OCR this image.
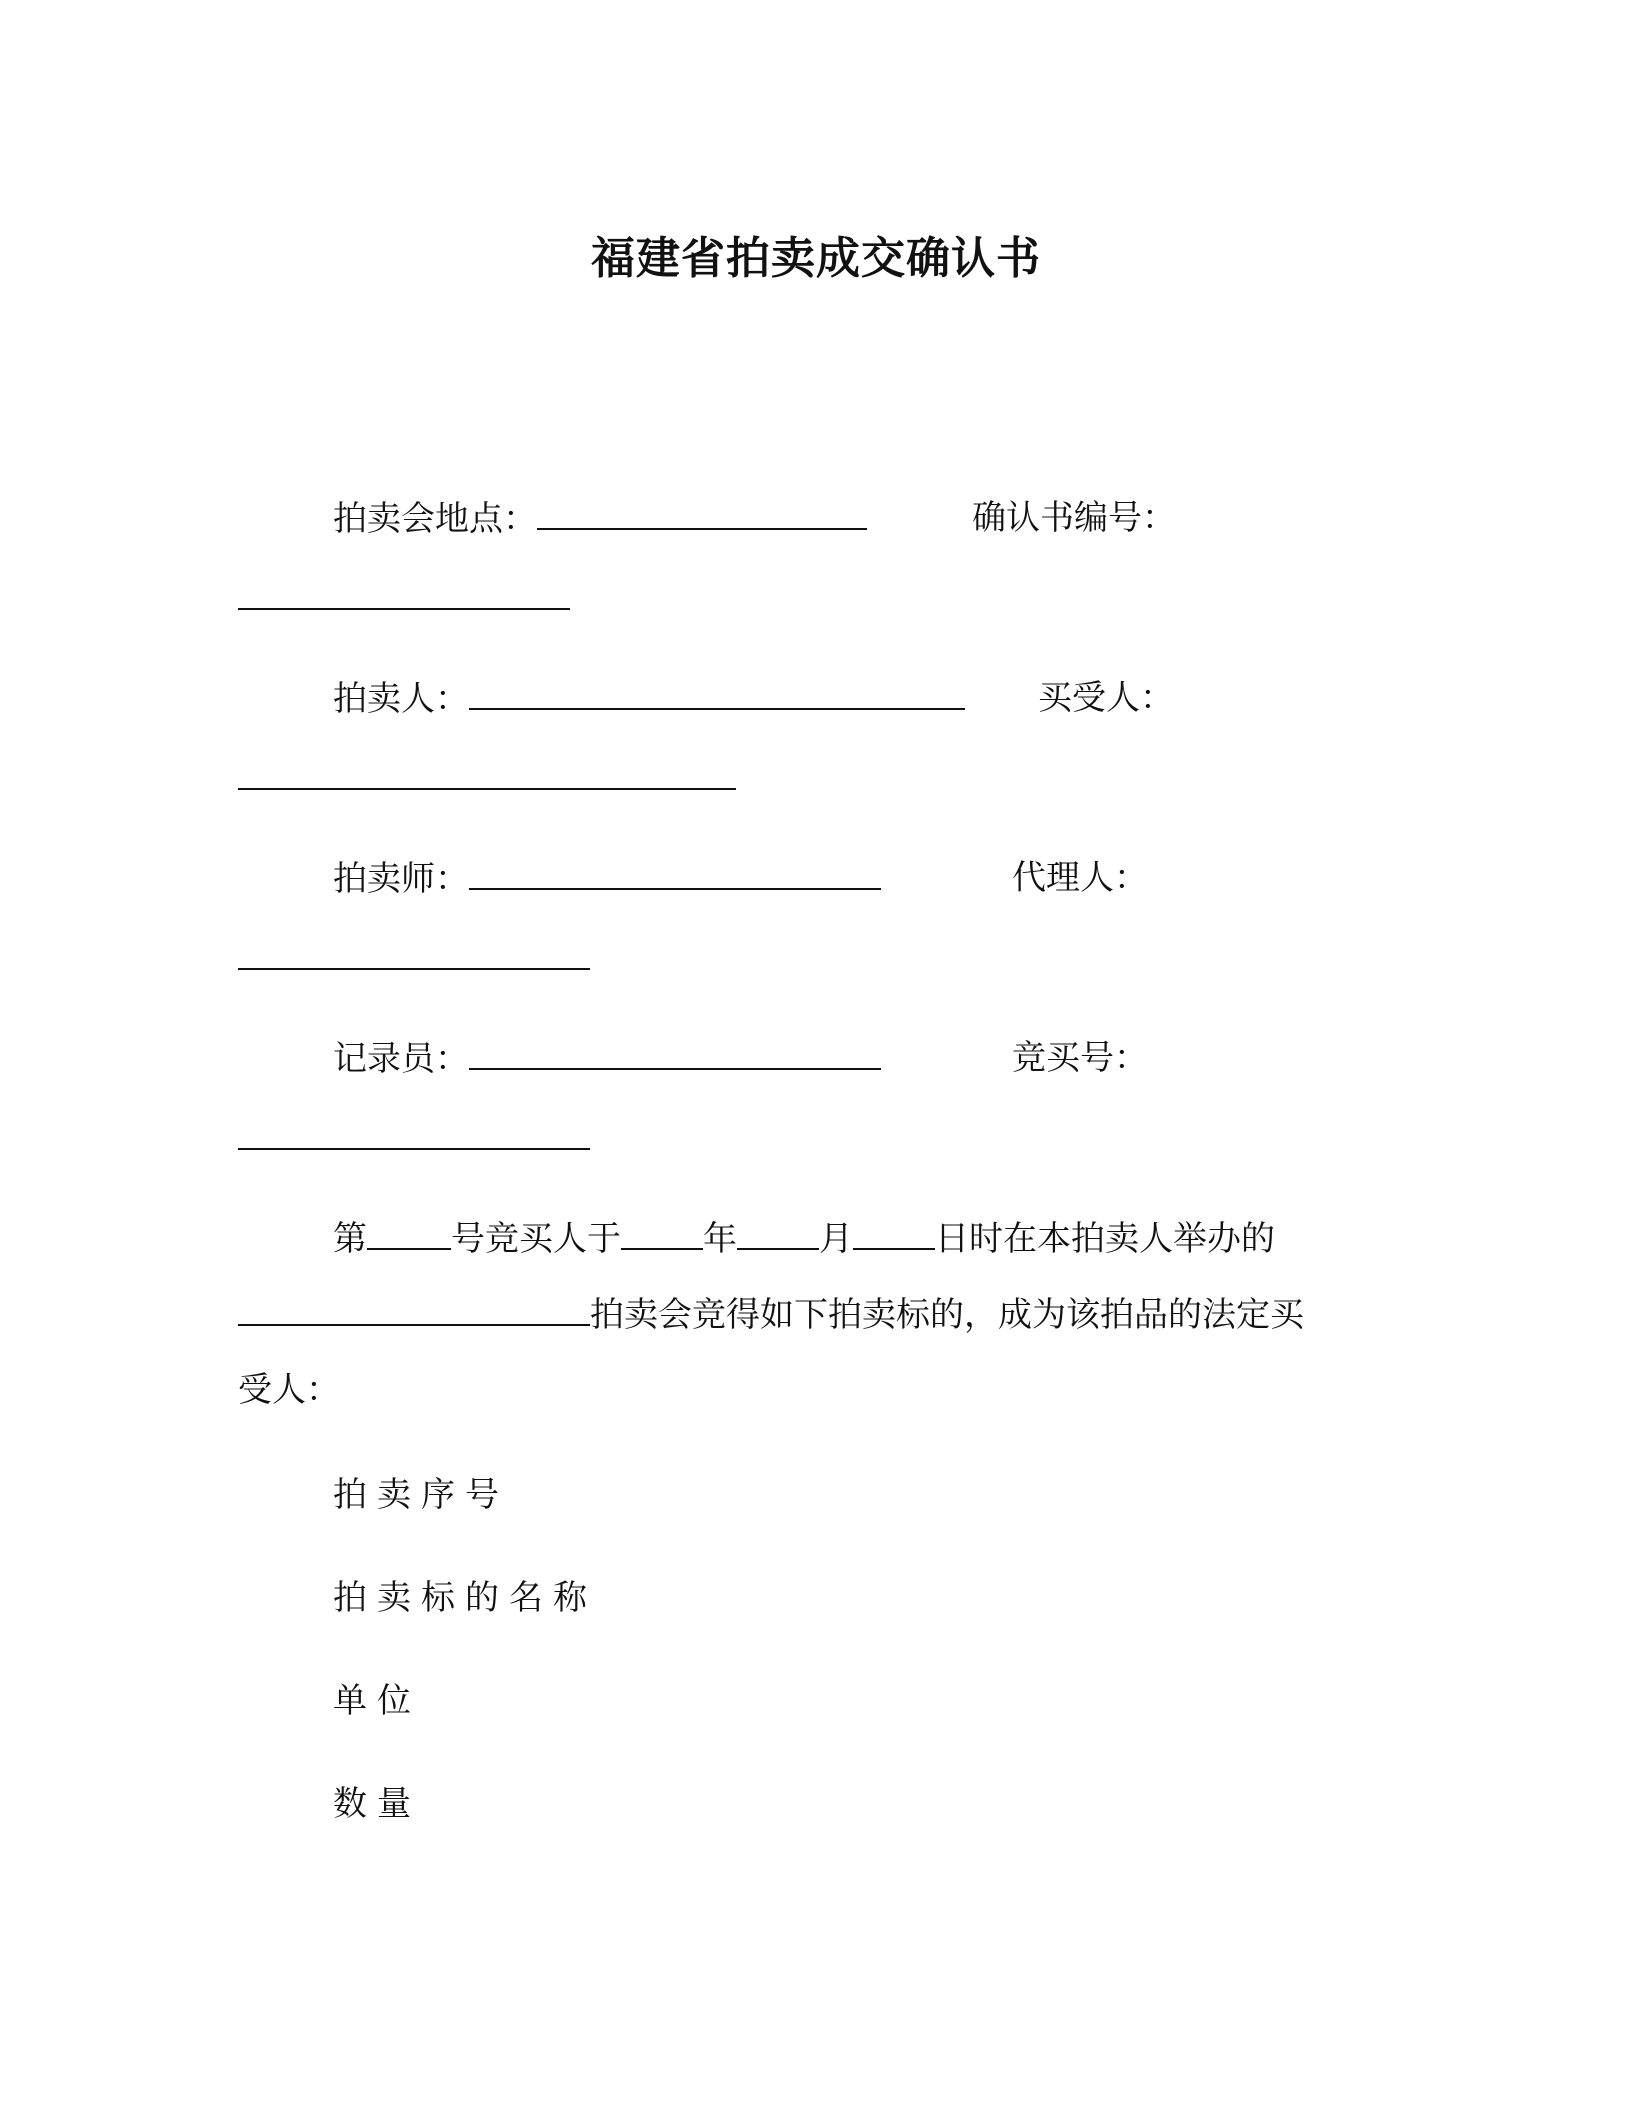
福建省拍卖成交确认书
拍卖会地点：	确认书编号：
拍卖人：	买受人：
拍卖师：	代理人：
记录员：	竞买号：
第 号竞买人于 年 月 日时在本拍卖人举办的
拍卖会竞得如下拍卖标的，成为该拍品的法定买
受人：
拍卖序号
拍卖标的名称
单位
数量
